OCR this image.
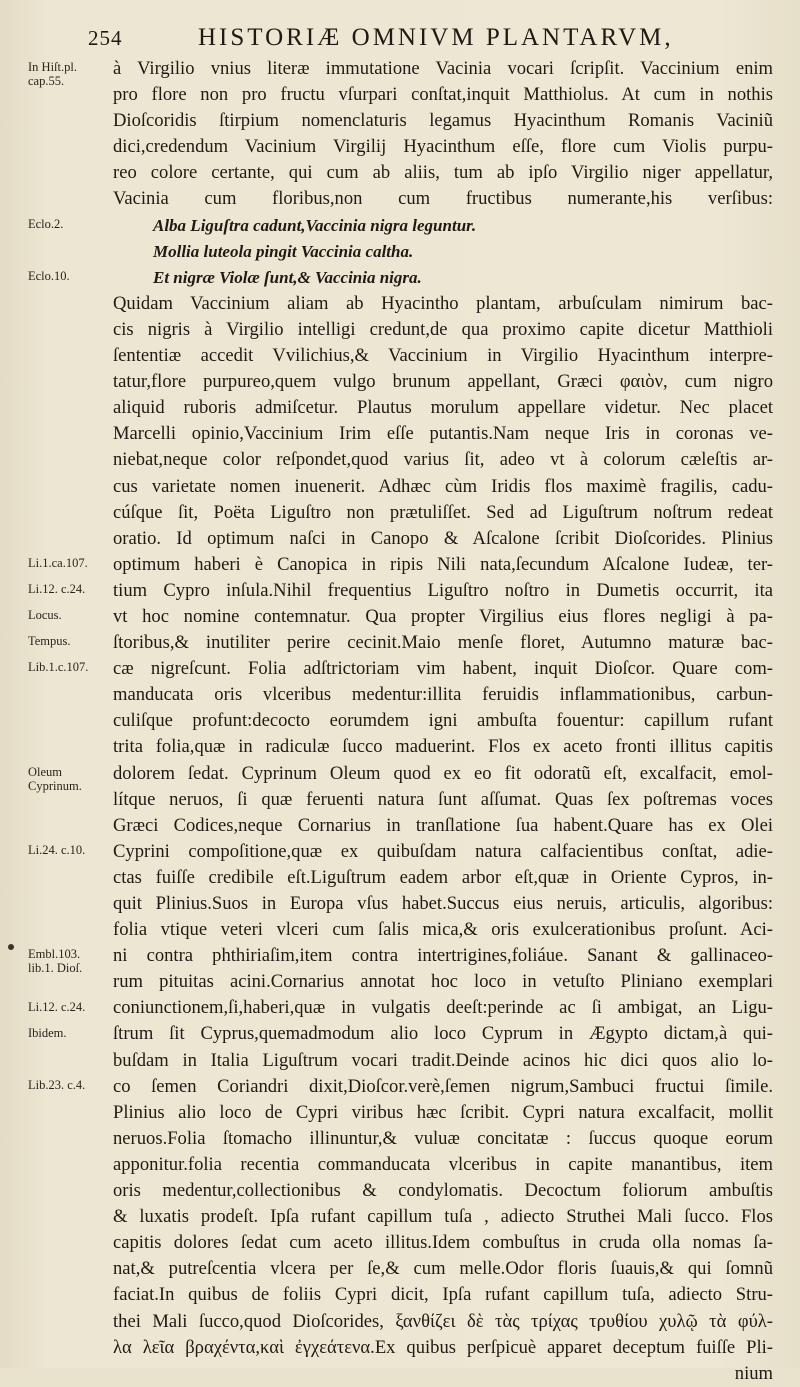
254	HISTORIÆ OMNIVM PLANTARVM,
In Hiſt.pl. cap.55.
Eclo.2.
Eclo.10.
Li.1.ca.107.
Li.12. c.24.
Locus.
Tempus.
Lib.1.c.107.
Oleum Cyprinum.
Li.24. c.10.
Embl.103. lib.1. Dioſ.
Li.12. c.24.
Ibidem.
Lib.23. c.4.
à Virgilio vnius literæ immutatione Vacinia vocari ſcripſit. Vaccinium enim
pro flore non pro fructu vſurpari conſtat,inquit Matthiolus. At cum in nothis
Dioſcoridis ſtirpium nomenclaturis legamus Hyacinthum Romanis Vaciniũ
dici,credendum Vacinium Virgilij Hyacinthum eſſe, flore cum Violis purpu-
reo colore certante, qui cum ab aliis, tum ab ipſo Virgilio niger appellatur,
Vacinia cum floribus,non cum fructibus numerante,his verſibus:
Alba Liguſtra cadunt,Vaccinia nigra leguntur.
Mollia luteola pingit Vaccinia caltha.
Et nigræ Violæ ſunt,& Vaccinia nigra.
Quidam Vaccinium aliam ab Hyacintho plantam, arbuſculam nimirum bac-
cis nigris à Virgilio intelligi credunt,de qua proximo capite dicetur Matthioli
ſententiæ accedit Vvilichius,& Vaccinium in Virgilio Hyacinthum interpre-
tatur,flore purpureo,quem vulgo brunum appellant, Græci φαιὸν, cum nigro
aliquid ruboris admiſcetur. Plautus morulum appellare videtur. Nec placet
Marcelli opinio,Vaccinium Irim eſſe putantis.Nam neque Iris in coronas ve-
niebat,neque color reſpondet,quod varius ſit, adeo vt à colorum cæleſtis ar-
cus varietate nomen inuenerit. Adhæc cùm Iridis flos maximè fragilis, cadu-
cúſque ſit, Poëta Liguſtro non prætuliſſet. Sed ad Liguſtrum noſtrum redeat
oratio. Id optimum naſci in Canopo & Aſcalone ſcribit Dioſcorides. Plinius
optimum haberi è Canopica in ripis Nili nata,ſecundum Aſcalone Iudeæ, ter-
tium Cypro inſula.Nihil frequentius Liguſtro noſtro in Dumetis occurrit, ita
vt hoc nomine contemnatur. Qua propter Virgilius eius flores negligi à pa-
ſtoribus,& inutiliter perire cecinit.Maio menſe floret, Autumno maturæ bac-
cæ nigreſcunt. Folia adſtrictoriam vim habent, inquit Dioſcor. Quare com-
manducata oris vlceribus medentur:illita feruidis inflammationibus, carbun-
culiſque profunt:decocto eorumdem igni ambuſta fouentur: capillum rufant
trita folia,quæ in radiculæ ſucco maduerint. Flos ex aceto fronti illitus capitis
dolorem ſedat. Cyprinum Oleum quod ex eo fit odoratũ eſt, excalfacit, emol-
lítque neruos, ſi quæ feruenti natura ſunt aſſumat. Quas ſex poſtremas voces
Græci Codices,neque Cornarius in tranſlatione ſua habent.Quare has ex Olei
Cyprini compoſitione,quæ ex quibuſdam natura calfacientibus conſtat, adie-
ctas fuiſſe credibile eſt.Liguſtrum eadem arbor eſt,quæ in Oriente Cypros, in-
quit Plinius.Suos in Europa vſus habet.Succus eius neruis, articulis, algoribus:
folia vtique veteri vlceri cum ſalis mica,& oris exulcerationibus proſunt. Aci-
ni contra phthiriaſim,item contra intertrigines,foliáue. Sanant & gallinaceo-
rum pituitas acini.Cornarius annotat hoc loco in vetuſto Pliniano exemplari
coniunctionem,ſi,haberi,quæ in vulgatis deeſt:perinde ac ſi ambigat, an Ligu-
ſtrum ſit Cyprus,quemadmodum alio loco Cyprum in Ægypto dictam,à qui-
buſdam in Italia Liguſtrum vocari tradit.Deinde acinos hic dici quos alio lo-
co ſemen Coriandri dixit,Dioſcor.verè,ſemen nigrum,Sambuci fructui ſimile.
Plinius alio loco de Cypri viribus hæc ſcribit. Cypri natura excalfacit, mollit
neruos.Folia ſtomacho illinuntur,& vuluæ concitatæ : ſuccus quoque eorum
apponitur.folia recentia commanducata vlceribus in capite manantibus, item
oris medentur,collectionibus & condylomatis. Decoctum foliorum ambuſtis
& luxatis prodeſt. Ipſa rufant capillum tuſa , adiecto Struthei Mali ſucco. Flos
capitis dolores ſedat cum aceto illitus.Idem combuſtus in cruda olla nomas ſa-
nat,& putreſcentia vlcera per ſe,& cum melle.Odor floris ſuauis,& qui ſomnũ
faciat.In quibus de foliis Cypri dicit, Ipſa rufant capillum tuſa, adiecto Stru-
thei Mali ſucco,quod Dioſcorides, ξανθίζει δὲ τὰς τρίχας τρυθίου χυλῷ τὰ φύλ-
λα λεῖα βραχέντα,καὶ ἐγχεάτενα.Ex quibus perſpicuè apparet deceptum fuiſſe Pli-
nium
